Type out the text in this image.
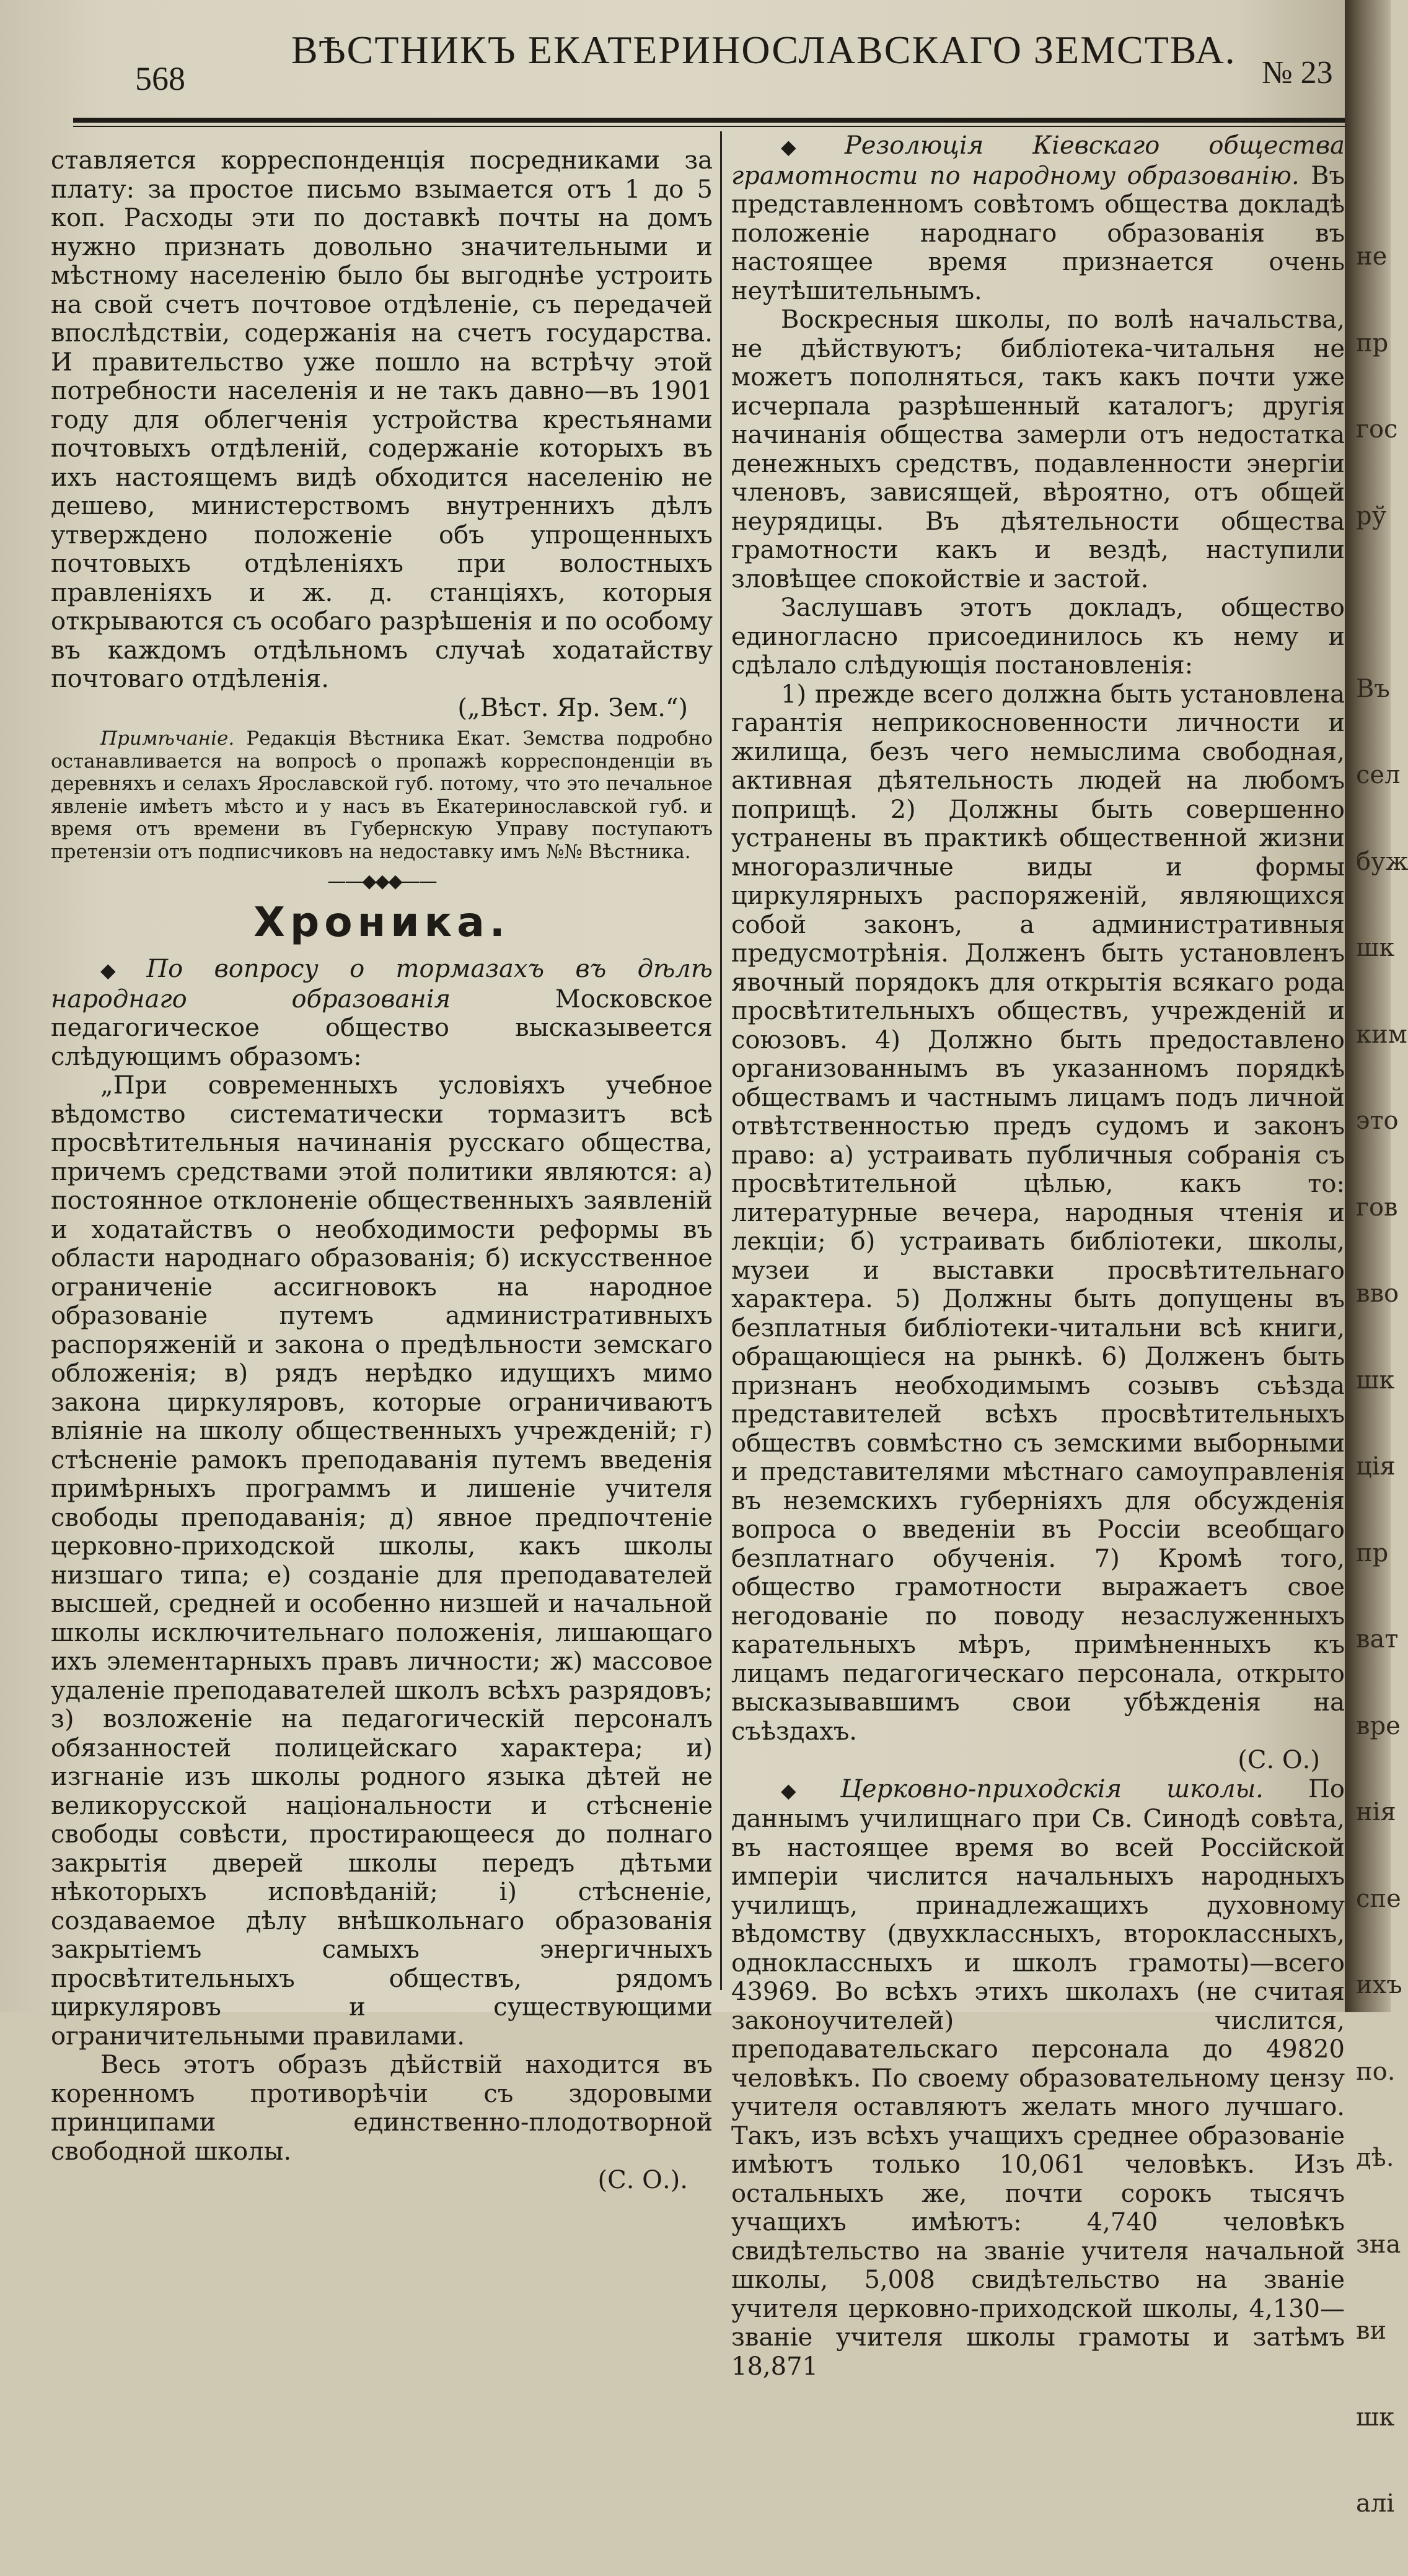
568
ВѢСТНИКЪ ЕКАТЕРИНОСЛАВСКАГО ЗЕМСТВА.
№ 23

ставляется корреспонденція посредниками за плату: за простое письмо взымается отъ 1 до 5 коп. Расходы эти по доставкѣ почты на домъ нужно признать довольно значительными и мѣстному населенію было бы выгоднѣе устроить на свой счетъ почтовое отдѣленіе, съ передачей впослѣдствіи, содержанія на счетъ государства. И правительство уже пошло на встрѣчу этой потребности населенія и не такъ давно—въ 1901 году для облегченія устройства крестьянами почтовыхъ отдѣленій, содержаніе которыхъ въ ихъ настоящемъ видѣ обходится населенію не дешево, министерствомъ внутреннихъ дѣлъ утверждено положеніе объ упрощенныхъ почтовыхъ отдѣленіяхъ при волостныхъ правленіяхъ и ж. д. станціяхъ, которыя открываются съ особаго разрѣшенія и по особому въ каждомъ отдѣльномъ случаѣ ходатайству почтоваго отдѣленія.

(„Вѣст. Яр. Зем.“)

Примѣчаніе. Редакція Вѣстника Екат. Земства подробно останавливается на вопросѣ о пропажѣ корреспонденціи въ деревняхъ и селахъ Ярославской губ. потому, что это печальное явленіе имѣетъ мѣсто и у насъ въ Екатеринославской губ. и время отъ времени въ Губернскую Управу поступаютъ претензіи отъ подписчиковъ на недоставку имъ №№ Вѣстника.

——◆◆◆——
Хроника.

◆ По вопросу о тормазахъ въ дѣлѣ народнаго образованія Московское педагогическое общество высказывеется слѣдующимъ образомъ:

„При современныхъ условіяхъ учебное вѣдомство систематически тормазитъ всѣ просвѣтительныя начинанія русскаго общества, причемъ средствами этой политики являются: а) постоянное отклоненіе общественныхъ заявленій и ходатайствъ о необходимости реформы въ области народнаго образованія; б) искусственное ограниченіе ассигновокъ на народное образованіе путемъ административныхъ распоряженій и закона о предѣльности земскаго обложенія; в) рядъ нерѣдко идущихъ мимо закона циркуляровъ, которые ограничиваютъ вліяніе на школу общественныхъ учрежденій; г) стѣсненіе рамокъ преподаванія путемъ введенія примѣрныхъ программъ и лишеніе учителя свободы преподаванія; д) явное предпочтеніе церковно-приходской школы, какъ школы низшаго типа; е) созданіе для преподавателей высшей, средней и особенно низшей и начальной школы исключительнаго положенія, лишающаго ихъ элементарныхъ правъ личности; ж) массовое удаленіе преподавателей школъ всѣхъ разрядовъ; з) возложеніе на педагогическій персоналъ обязанностей полицейскаго характера; и) изгнаніе изъ школы родного языка дѣтей не великорусской національности и стѣсненіе свободы совѣсти, простирающееся до полнаго закрытія дверей школы передъ дѣтьми нѣкоторыхъ исповѣданій; і) стѣсненіе, создаваемое дѣлу внѣшкольнаго образованія закрытіемъ самыхъ энергичныхъ просвѣтительныхъ обществъ, рядомъ циркуляровъ и существующими ограничительными правилами.

Весь этотъ образъ дѣйствій находится въ коренномъ противорѣчіи съ здоровыми принципами единственно-плодотворной свободной школы.

(С. О.).

◆ Резолюція Кіевскаго общества грамотности по народному образованію. Въ представленномъ совѣтомъ общества докладѣ положеніе народнаго образованія въ настоящее время признается очень неутѣшительнымъ.

Воскресныя школы, по волѣ начальства, не дѣйствуютъ; библіотека-читальня не можетъ пополняться, такъ какъ почти уже исчерпала разрѣшенный каталогъ; другія начинанія общества замерли отъ недостатка денежныхъ средствъ, подавленности энергіи членовъ, зависящей, вѣроятно, отъ общей неурядицы. Въ дѣятельности общества грамотности какъ и вездѣ, наступили зловѣщее спокойствіе и застой.

Заслушавъ этотъ докладъ, общество единогласно присоединилось къ нему и сдѣлало слѣдующія постановленія:

1) прежде всего должна быть установлена гарантія неприкосновенности личности и жилища, безъ чего немыслима свободная, активная дѣятельность людей на любомъ поприщѣ. 2) Должны быть совершенно устранены въ практикѣ общественной жизни многоразличные виды и формы циркулярныхъ распоряженій, являющихся собой законъ, а административныя предусмотрѣнія. Долженъ быть установленъ явочный порядокъ для открытія всякаго рода просвѣтительныхъ обществъ, учрежденій и союзовъ. 4) Должно быть предоставлено организованнымъ въ указанномъ порядкѣ обществамъ и частнымъ лицамъ подъ личной отвѣтственностью предъ судомъ и законъ право: а) устраивать публичныя собранія съ просвѣтительной цѣлью, какъ то: литературные вечера, народныя чтенія и лекціи; б) устраивать библіотеки, школы, музеи и выставки просвѣтительнаго характера. 5) Должны быть допущены въ безплатныя библіотеки-читальни всѣ книги, обращающіеся на рынкѣ. 6) Долженъ быть признанъ необходимымъ созывъ съѣзда представителей всѣхъ просвѣтительныхъ обществъ совмѣстно съ земскими выборными и представителями мѣстнаго самоуправленія въ неземскихъ губерніяхъ для обсужденія вопроса о введеніи въ Россіи всеобщаго безплатнаго обученія. 7) Кромѣ того, общество грамотности выражаетъ свое негодованіе по поводу незаслуженныхъ карательныхъ мѣръ, примѣненныхъ къ лицамъ педагогическаго персонала, открыто высказывавшимъ свои убѣжденія на съѣздахъ.

(С. О.)

◆ Церковно-приходскія школы. По даннымъ училищнаго при Св. Синодѣ совѣта, въ настоящее время во всей Россійской имперіи числится начальныхъ народныхъ училищъ, принадлежащихъ духовному вѣдомству (двухклассныхъ, второклассныхъ, одноклассныхъ и школъ грамоты)—всего 43969. Во всѣхъ этихъ школахъ (не считая законоучителей) числится, преподавательскаго персонала до 49820 человѣкъ. По своему образовательному цензу учителя оставляютъ желать много лучшаго. Такъ, изъ всѣхъ учащихъ среднее образованіе имѣютъ только 10,061 человѣкъ. Изъ остальныхъ же, почти сорокъ тысячъ учащихъ имѣютъ: 4,740 человѣкъ свидѣтельство на званіе учителя начальной школы, 5,008 свидѣтельство на званіе учителя церковно-приходской школы, 4,130—званіе учителя школы грамоты и затѣмъ 18,871

не

пр

гос

рў

Въ

сел

буж

шк

ким

это

гов

вво

шк

ція

пр

ват

вре

нія

спе

ихъ

по.

дѣ.

зна

ви

шк

алі
